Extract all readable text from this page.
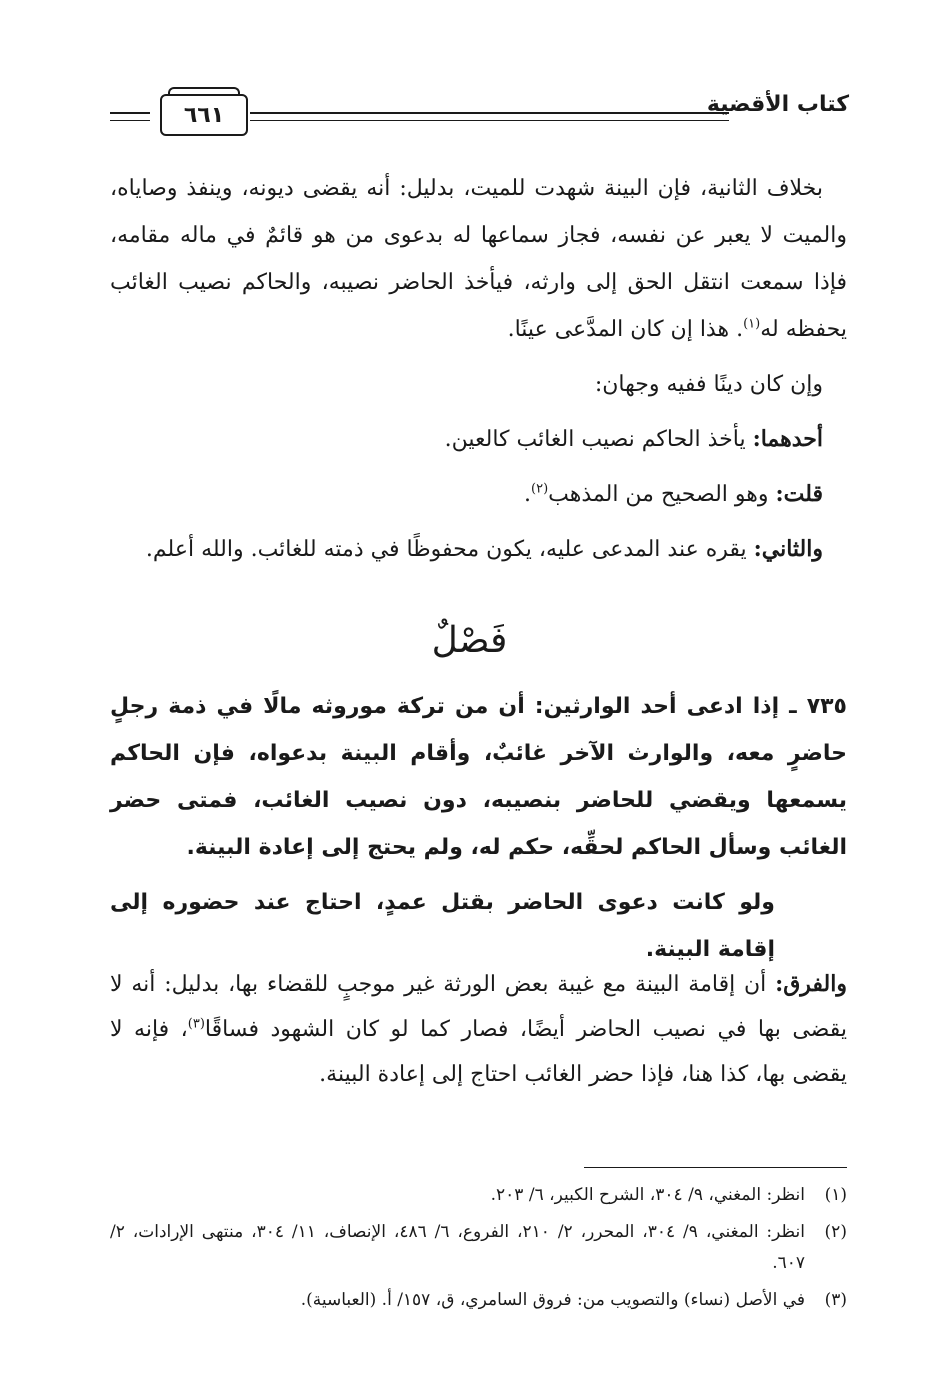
كتاب الأقضية
٦٦١

بخلاف الثانية، فإن البينة شهدت للميت، بدليل: أنه يقضى ديونه، وينفذ وصاياه، والميت لا يعبر عن نفسه، فجاز سماعها له بدعوى من هو قائمٌ في ماله مقامه، فإذا سمعت انتقل الحق إلى وارثه، فيأخذ الحاضر نصيبه، والحاكم نصيب الغائب يحفظه له$^{(١)}$. هذا إن كان المدَّعى عينًا.

وإن كان دينًا ففيه وجهان:

أحدهما: يأخذ الحاكم نصيب الغائب كالعين.

قلت: وهو الصحيح من المذهب$^{(٢)}$.

والثاني: يقره عند المدعى عليه، يكون محفوظًا في ذمته للغائب. والله أعلم.

فَصْلٌ

٧٣٥ ـ إذا ادعى أحد الوارثين: أن من تركة موروثه مالًا في ذمة رجلٍ حاضرٍ معه، والوارث الآخر غائبٌ، وأقام البينة بدعواه، فإن الحاكم يسمعها ويقضي للحاضر بنصيبه، دون نصيب الغائب، فمتى حضر الغائب وسأل الحاكم لحقِّه، حكم له، ولم يحتج إلى إعادة البينة.

ولو كانت دعوى الحاضر بقتل عمدٍ، احتاج عند حضوره إلى إقامة البينة.

والفرق: أن إقامة البينة مع غيبة بعض الورثة غير موجبٍ للقضاء بها، بدليل: أنه لا يقضى بها في نصيب الحاضر أيضًا، فصار كما لو كان الشهود فساقًا$^{(٣)}$، فإنه لا يقضى بها، كذا هنا، فإذا حضر الغائب احتاج إلى إعادة البينة.

(١)انظر: المغني، ٩/ ٣٠٤، الشرح الكبير، ٦/ ٢٠٣.
(٢)انظر: المغني، ٩/ ٣٠٤، المحرر، ٢/ ٢١٠، الفروع، ٦/ ٤٨٦، الإنصاف، ١١/ ٣٠٤، منتهى الإرادات، ٢/ ٦٠٧.
(٣)في الأصل (نساء) والتصويب من: فروق السامري، ق، ١٥٧/ أ. (العباسية).
